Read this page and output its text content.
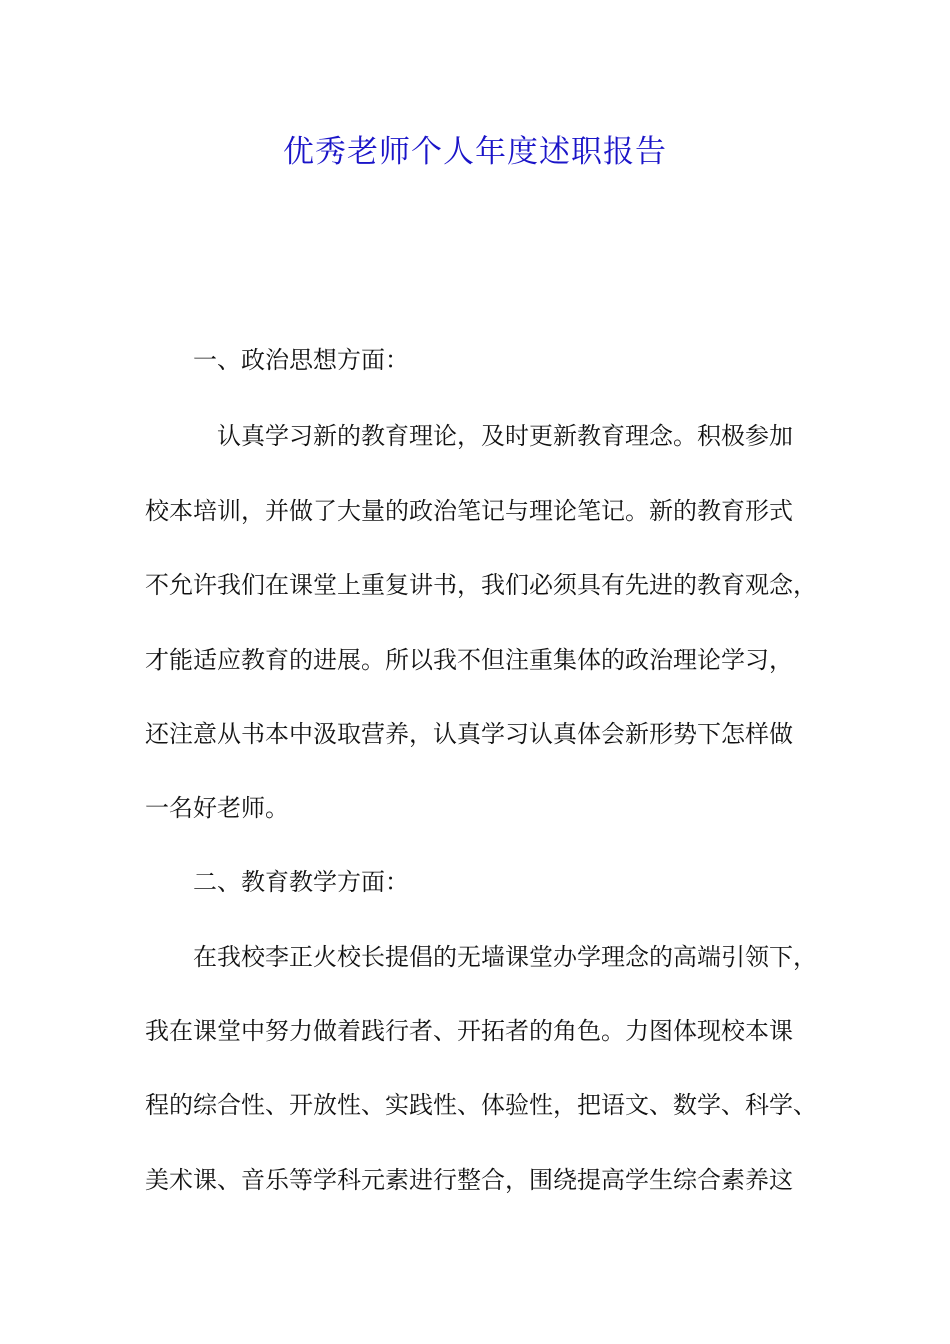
优秀老师个人年度述职报告
一、政治思想方面：
认真学习新的教育理论，及时更新教育理念。积极参加
校本培训，并做了大量的政治笔记与理论笔记。新的教育形式
不允许我们在课堂上重复讲书，我们必须具有先进的教育观念，
才能适应教育的进展。所以我不但注重集体的政治理论学习，
还注意从书本中汲取营养，认真学习认真体会新形势下怎样做
一名好老师。
二、教育教学方面：
在我校李正火校长提倡的无墙课堂办学理念的高端引领下，
我在课堂中努力做着践行者、开拓者的角色。力图体现校本课
程的综合性、开放性、实践性、体验性，把语文、数学、科学、
美术课、音乐等学科元素进行整合，围绕提高学生综合素养这
